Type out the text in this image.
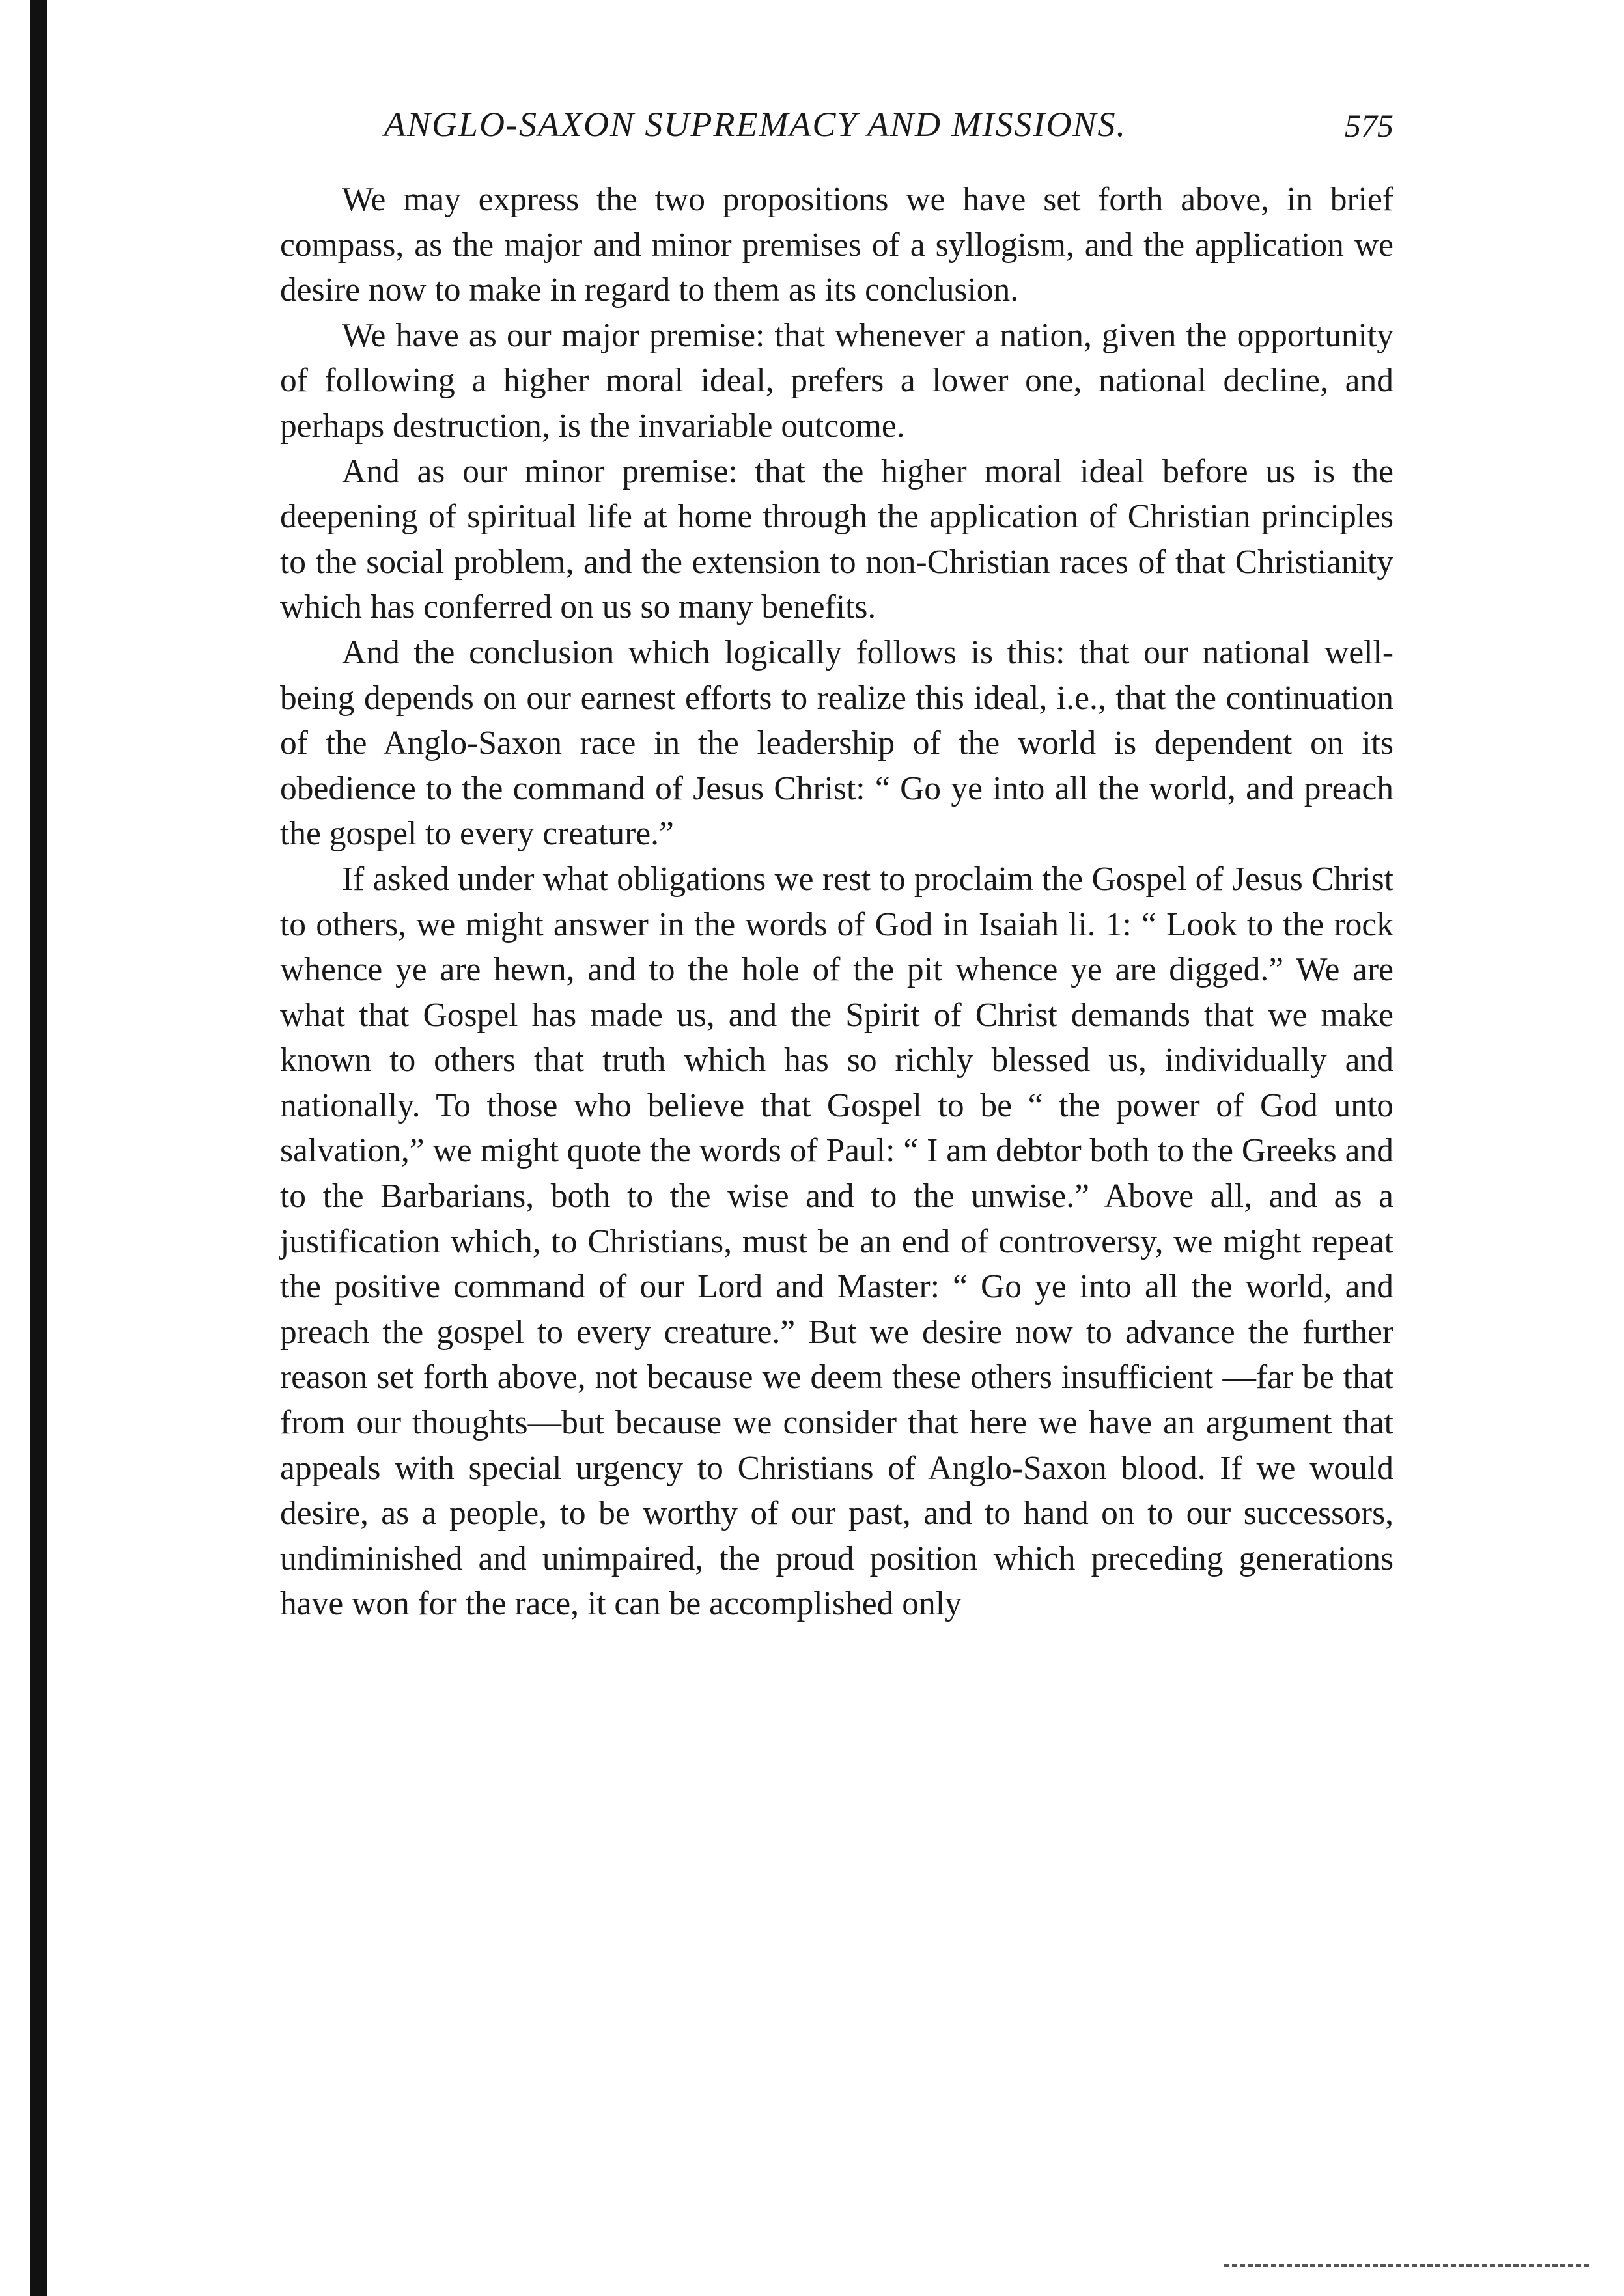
ANGLO-SAXON SUPREMACY AND MISSIONS.	575

We may express the two propositions we have set forth above, in brief compass, as the major and minor premises of a syllogism, and the application we desire now to make in regard to them as its conclusion.

We have as our major premise: that whenever a nation, given the opportunity of following a higher moral ideal, prefers a lower one, national decline, and perhaps destruction, is the invariable outcome.

And as our minor premise: that the higher moral ideal before us is the deepening of spiritual life at home through the application of Christian principles to the social problem, and the extension to non-Christian races of that Christianity which has conferred on us so many benefits.

And the conclusion which logically follows is this: that our national well-being depends on our earnest efforts to realize this ideal, i.e., that the continuation of the Anglo-Saxon race in the leadership of the world is dependent on its obedience to the command of Jesus Christ: “ Go ye into all the world, and preach the gospel to every creature.”

If asked under what obligations we rest to proclaim the Gospel of Jesus Christ to others, we might answer in the words of God in Isaiah li. 1: “ Look to the rock whence ye are hewn, and to the hole of the pit whence ye are digged.” We are what that Gospel has made us, and the Spirit of Christ demands that we make known to others that truth which has so richly blessed us, individually and nationally. To those who believe that Gospel to be “ the power of God unto salvation,” we might quote the words of Paul: “ I am debtor both to the Greeks and to the Barbarians, both to the wise and to the unwise.” Above all, and as a justification which, to Christians, must be an end of controversy, we might repeat the positive command of our Lord and Master: “ Go ye into all the world, and preach the gospel to every creature.” But we desire now to advance the further reason set forth above, not because we deem these others insufficient —far be that from our thoughts—but because we consider that here we have an argument that appeals with special urgency to Christians of Anglo-Saxon blood. If we would desire, as a people, to be worthy of our past, and to hand on to our successors, undiminished and unimpaired, the proud position which preceding generations have won for the race, it can be accomplished only
